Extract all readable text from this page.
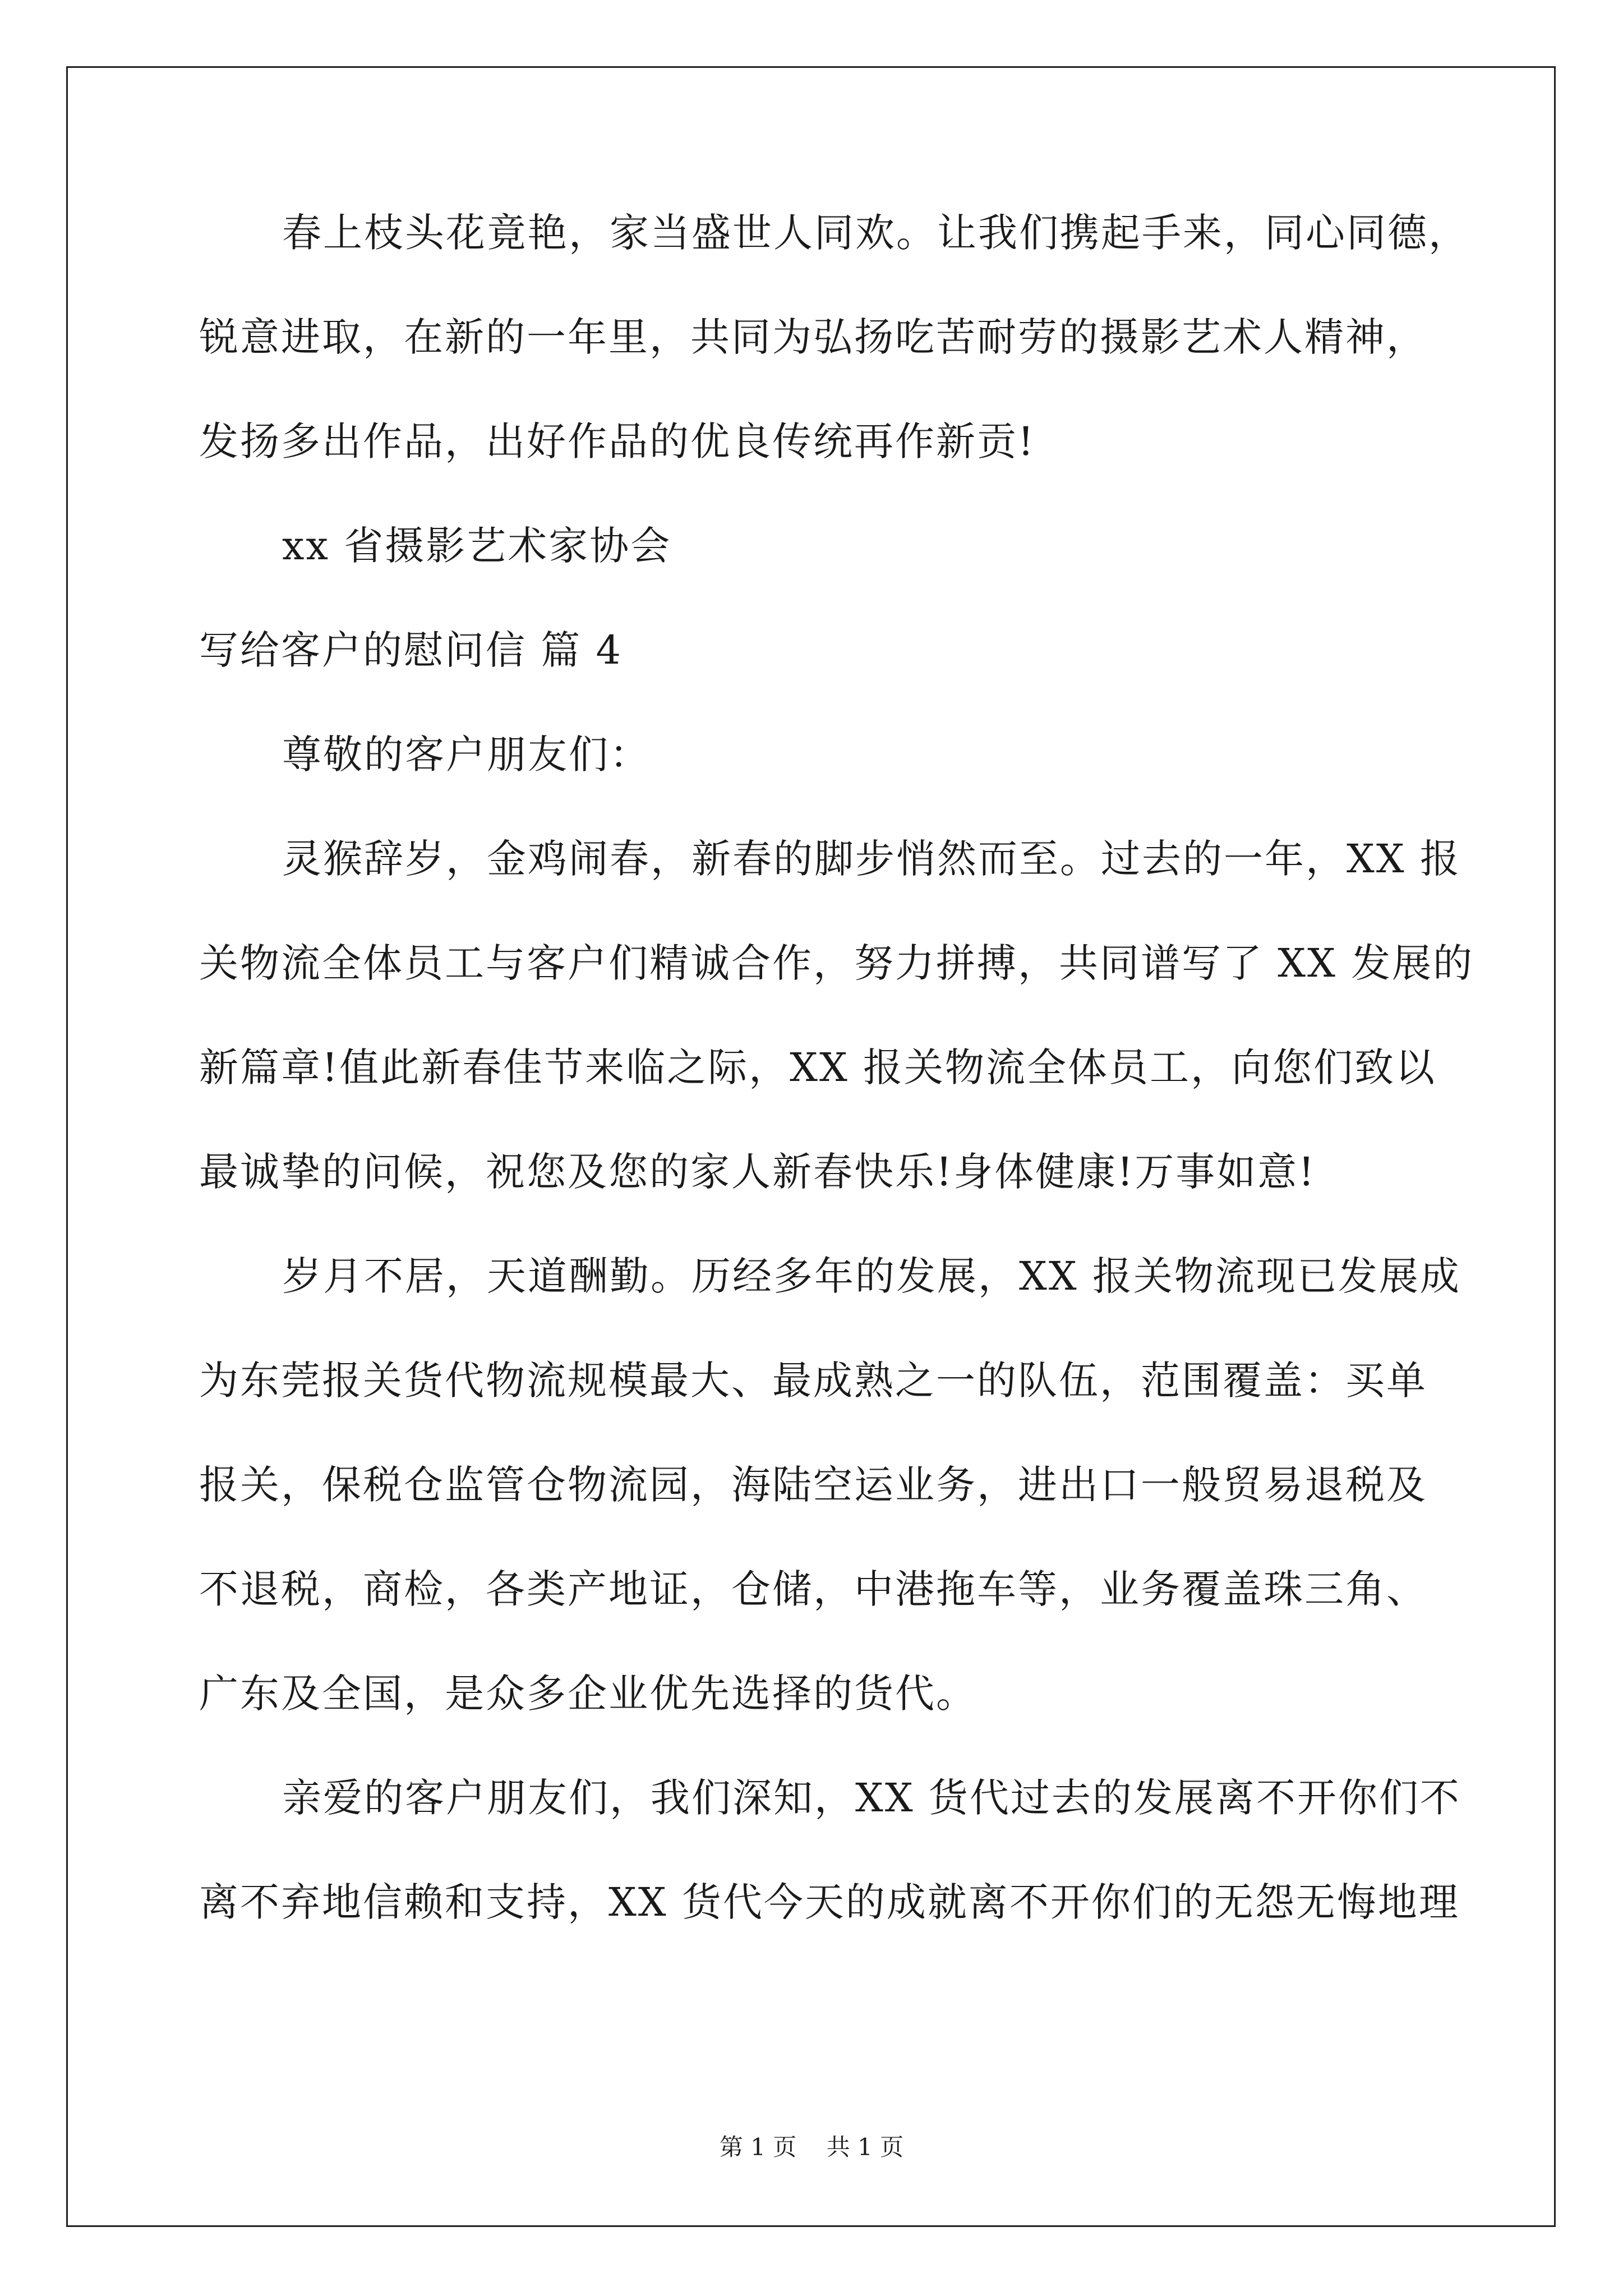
春上枝头花竟艳，家当盛世人同欢。让我们携起手来，同心同德，
锐意进取，在新的一年里，共同为弘扬吃苦耐劳的摄影艺术人精神，
发扬多出作品，出好作品的优良传统再作新贡!
xx 省摄影艺术家协会
写给客户的慰问信 篇 4
尊敬的客户朋友们：
灵猴辞岁，金鸡闹春，新春的脚步悄然而至。过去的一年，XX 报
关物流全体员工与客户们精诚合作，努力拼搏，共同谱写了 XX 发展的
新篇章!值此新春佳节来临之际，XX 报关物流全体员工，向您们致以
最诚挚的问候，祝您及您的家人新春快乐!身体健康!万事如意!
岁月不居，天道酬勤。历经多年的发展，XX 报关物流现已发展成
为东莞报关货代物流规模最大、最成熟之一的队伍，范围覆盖：买单
报关，保税仓监管仓物流园，海陆空运业务，进出口一般贸易退税及
不退税，商检，各类产地证，仓储，中港拖车等，业务覆盖珠三角、
广东及全国，是众多企业优先选择的货代。
亲爱的客户朋友们，我们深知，XX 货代过去的发展离不开你们不
离不弃地信赖和支持，XX 货代今天的成就离不开你们的无怨无悔地理
第 1 页    共 1 页
